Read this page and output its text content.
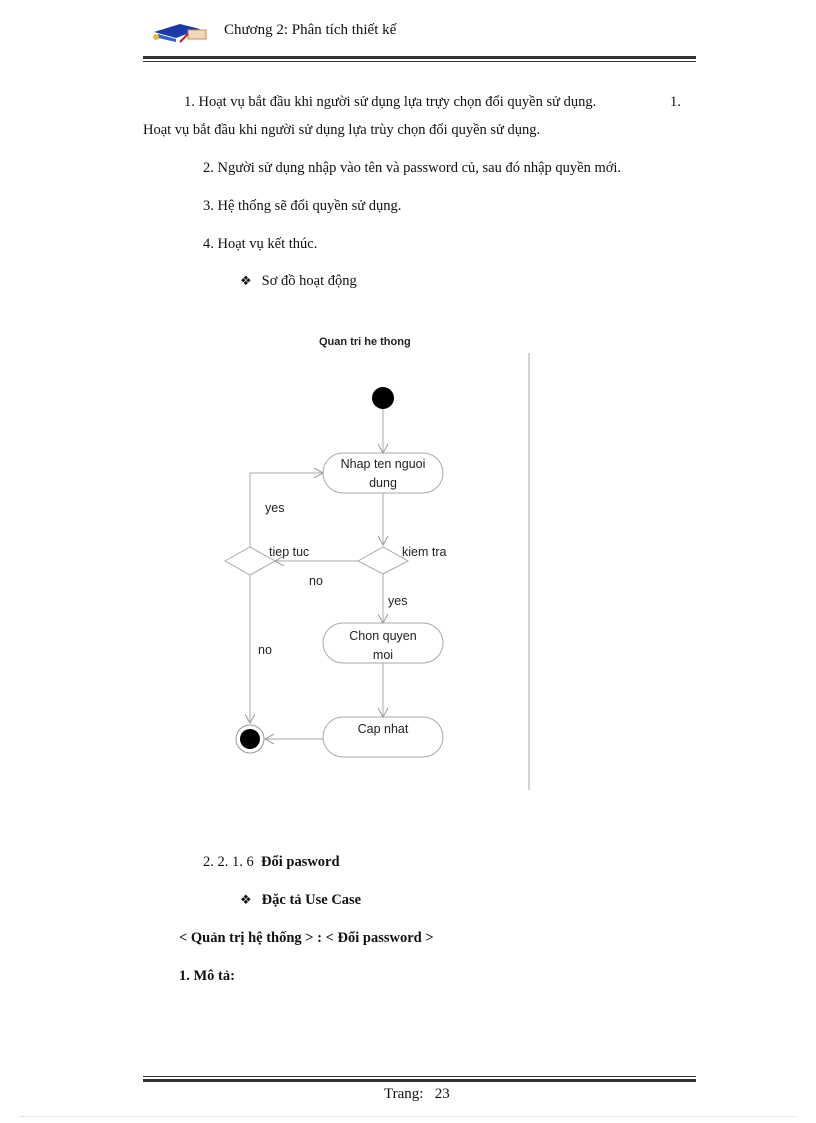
Chương 2: Phân tích thiết kế
1. Hoạt vụ bắt đầu khi người sử dụng lựa trựy chọn đổi quyền sử dụng.	1.
Hoạt vụ bắt đầu khi người sử dụng lựa trùy chọn đổi quyền sử dụng.
2. Người sử dụng nhập vào tên và password củ, sau đó nhập quyền mới.
3. Hệ thống sẽ đổi quyền sử dụng.
4. Hoạt vụ kết thúc.
❖ Sơ đồ hoạt động
Quan tri he thong
Nhap ten nguoi
dung
yes
kiem tra
tiep tuc
no
yes
Chon quyen
moi
no
Cap nhat
2. 2. 1. 6 Đổi pasword
❖ Đặc tả Use Case
< Quản trị hệ thống > : < Đổi password >
1. Mô tả:
Trang: 23
